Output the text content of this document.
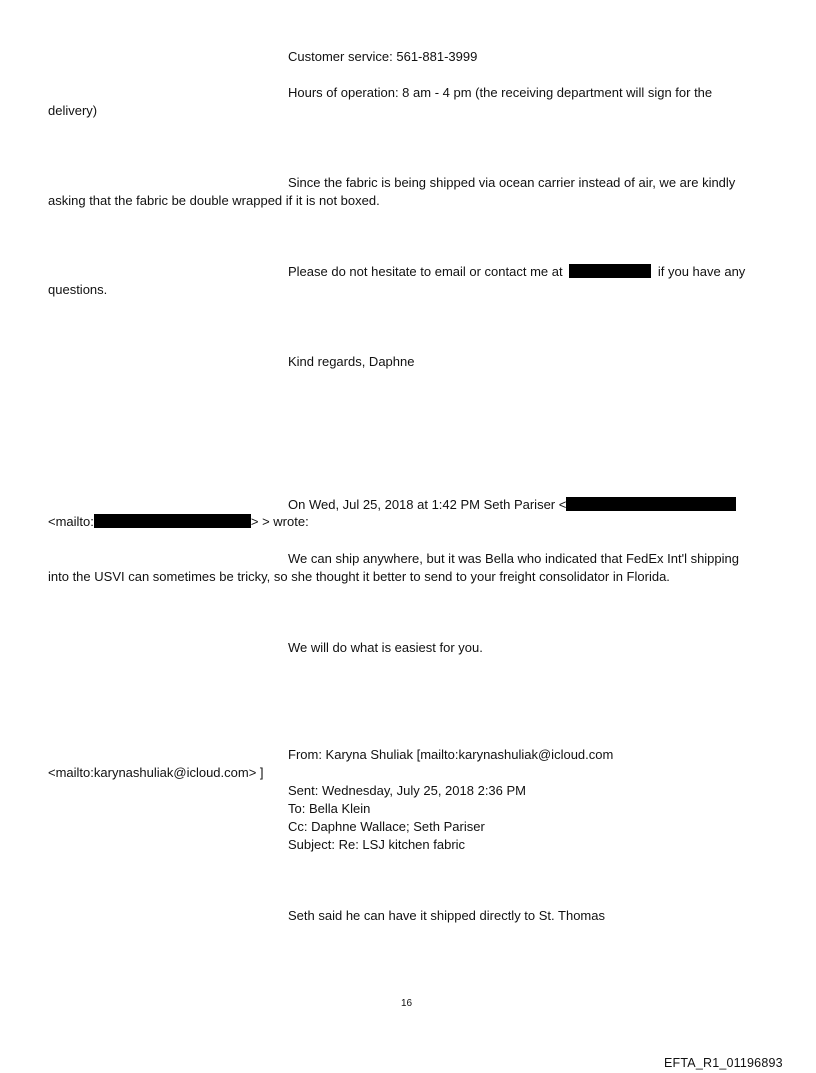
Customer service: 561-881-3999
Hours of operation: 8 am - 4 pm (the receiving department will sign for the
delivery)
Since the fabric is being shipped via ocean carrier instead of air, we are kindly
asking that the fabric be double wrapped if it is not boxed.
Please do not hesitate to email or contact me at	if you have any
questions.
Kind regards, Daphne
On Wed, Jul 25, 2018 at 1:42 PM Seth Pariser <
<mailto:	> > wrote:
We can ship anywhere, but it was Bella who indicated that FedEx Int'l shipping
into the USVI can sometimes be tricky, so she thought it better to send to your freight consolidator in Florida.
We will do what is easiest for you.
From: Karyna Shuliak [mailto:karynashuliak@icloud.com
<mailto:karynashuliak@icloud.com> ]
Sent: Wednesday, July 25, 2018 2:36 PM
To: Bella Klein
Cc: Daphne Wallace; Seth Pariser
Subject: Re: LSJ kitchen fabric
Seth said he can have it shipped directly to St. Thomas
16
EFTA_R1_01196893
